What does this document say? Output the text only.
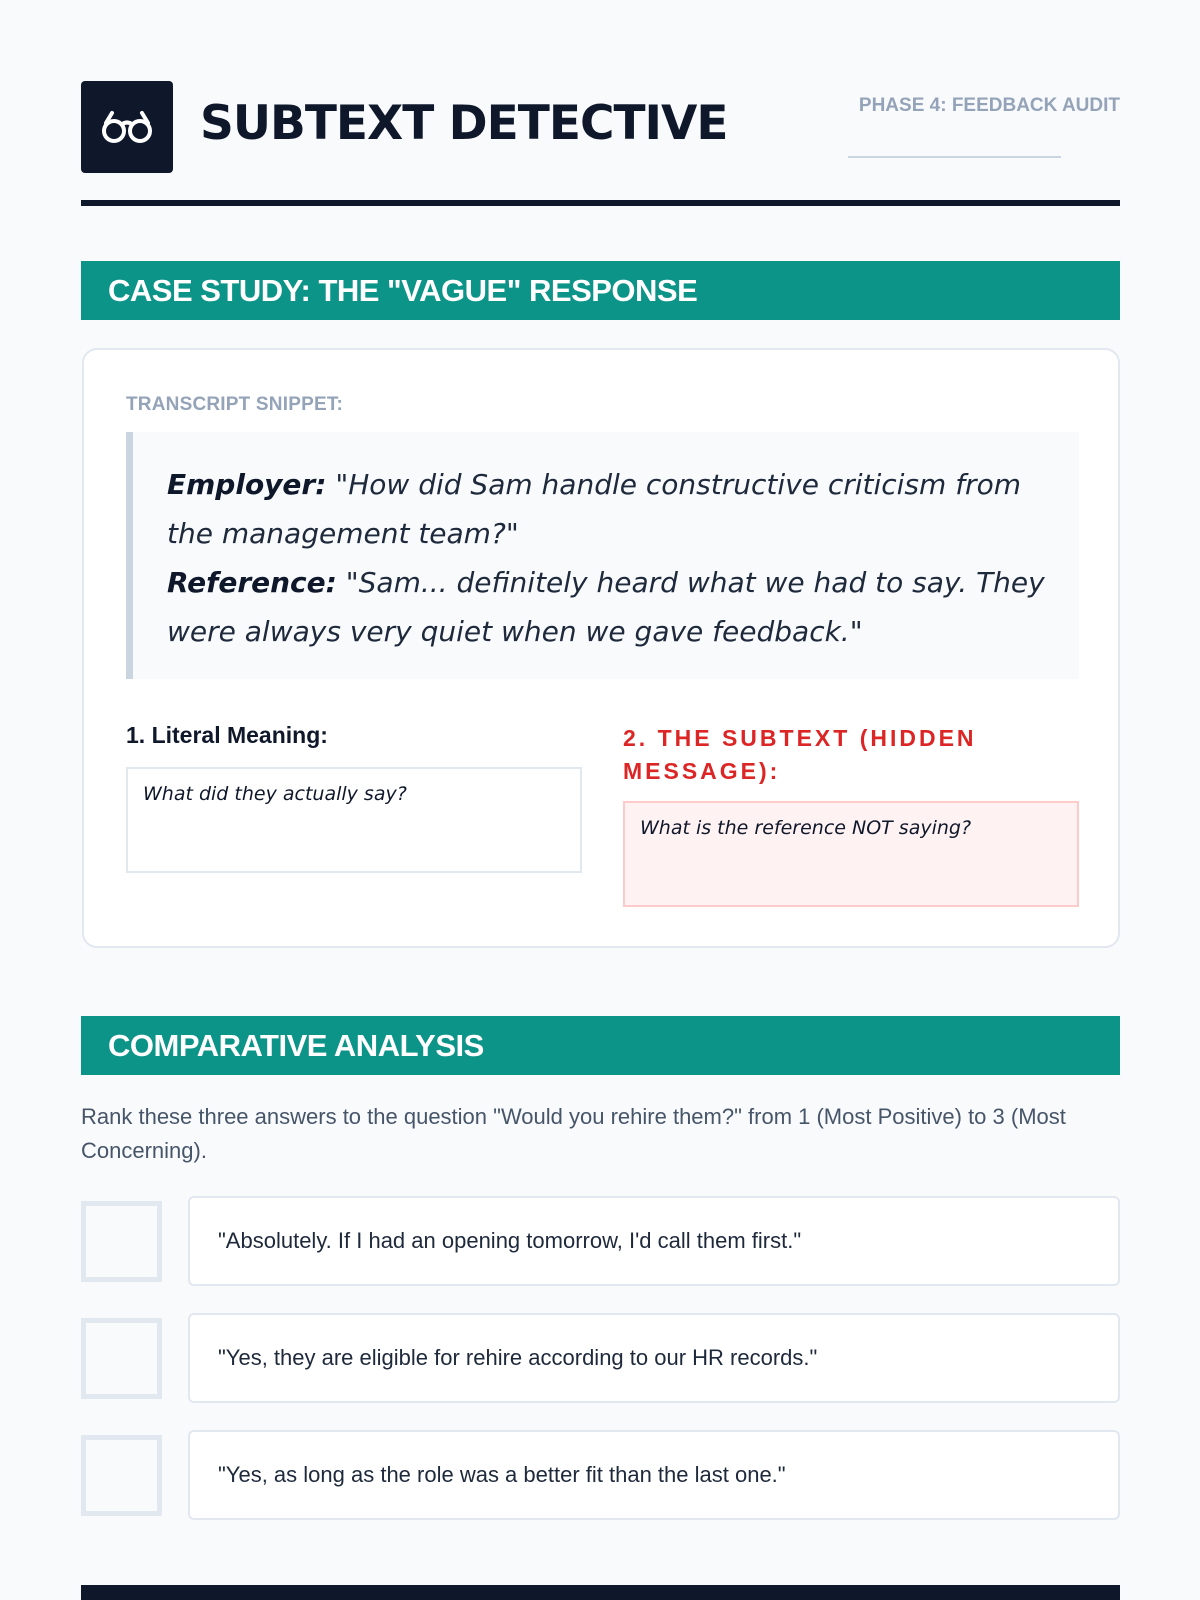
SUBTEXT DETECTIVE	PHASE 4: FEEDBACK AUDIT
CASE STUDY: THE "VAGUE" RESPONSE
TRANSCRIPT SNIPPET:
Employer: "How did Sam handle constructive criticism from the management team?"
Reference: "Sam... definitely heard what we had to say. They were always very quiet when we gave feedback."
1. Literal Meaning:
What did they actually say?
2. THE SUBTEXT (HIDDEN MESSAGE):
What is the reference NOT saying?
COMPARATIVE ANALYSIS
Rank these three answers to the question "Would you rehire them?" from 1 (Most Positive) to 3 (Most Concerning).
"Absolutely. If I had an opening tomorrow, I'd call them first."
"Yes, they are eligible for rehire according to our HR records."
"Yes, as long as the role was a better fit than the last one."
